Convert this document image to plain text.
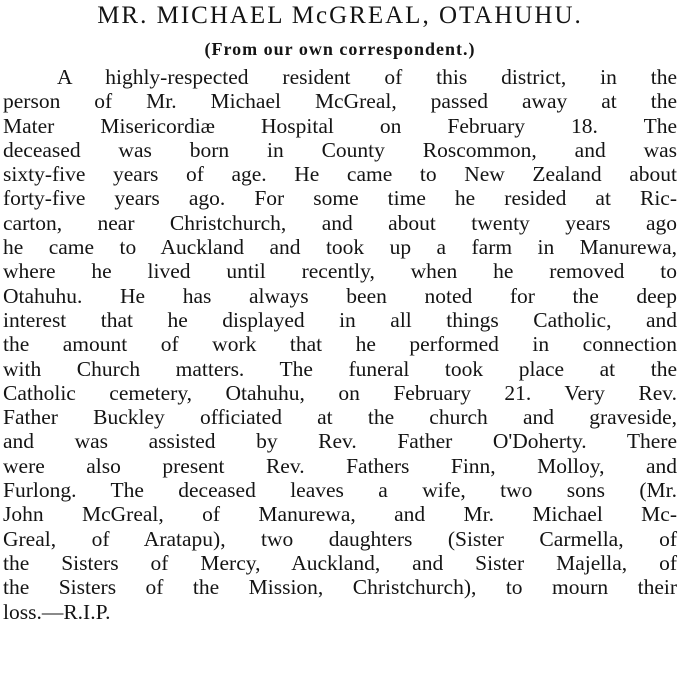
MR. MICHAEL McGREAL, OTAHUHU.
(From our own correspondent.)
A highly-respected resident of this district, in the
person of Mr. Michael McGreal, passed away at the
Mater Misericordiæ Hospital on February 18. The
deceased was born in County Roscommon, and was
sixty-five years of age. He came to New Zealand about
forty-five years ago. For some time he resided at Ric-
carton, near Christchurch, and about twenty years ago
he came to Auckland and took up a farm in Manurewa,
where he lived until recently, when he removed to
Otahuhu. He has always been noted for the deep
interest that he displayed in all things Catholic, and
the amount of work that he performed in connection
with Church matters. The funeral took place at the
Catholic cemetery, Otahuhu, on February 21. Very Rev.
Father Buckley officiated at the church and graveside,
and was assisted by Rev. Father O'Doherty. There
were also present Rev. Fathers Finn, Molloy, and
Furlong. The deceased leaves a wife, two sons (Mr.
John McGreal, of Manurewa, and Mr. Michael Mc-
Greal, of Aratapu), two daughters (Sister Carmella, of
the Sisters of Mercy, Auckland, and Sister Majella, of
the Sisters of the Mission, Christchurch), to mourn their
loss.—R.I.P.
